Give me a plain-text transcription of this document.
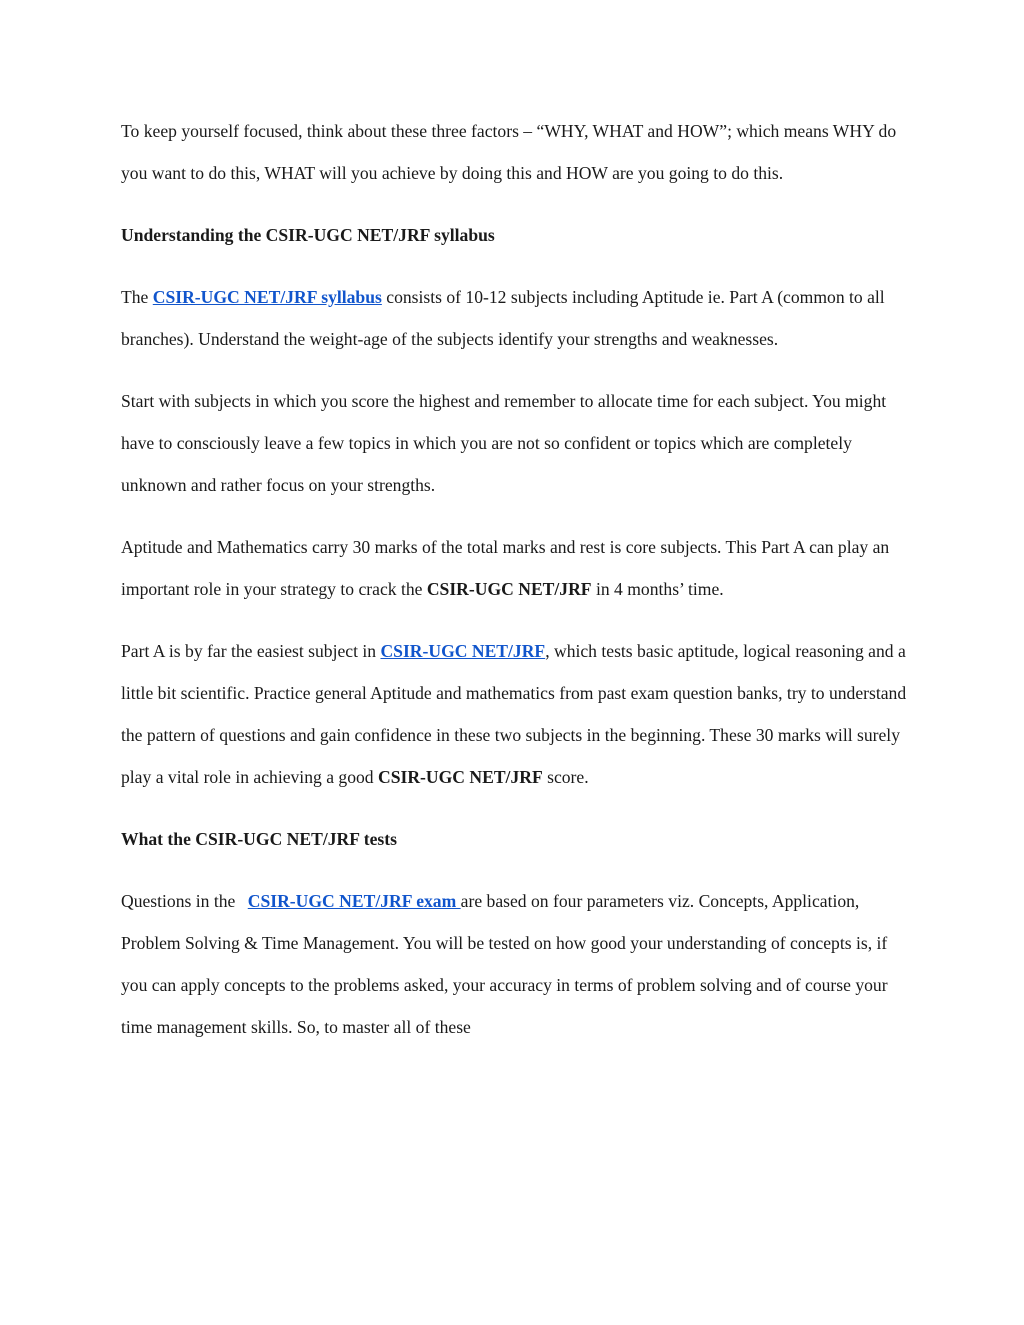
To keep yourself focused, think about these three factors – “WHY, WHAT and HOW”; which means WHY do you want to do this, WHAT will you achieve by doing this and HOW are you going to do this.

Understanding the CSIR-UGC NET/JRF syllabus

The CSIR-UGC NET/JRF syllabus consists of 10-12 subjects including Aptitude ie. Part A (common to all branches). Understand the weight-age of the subjects identify your strengths and weaknesses.

Start with subjects in which you score the highest and remember to allocate time for each subject. You might have to consciously leave a few topics in which you are not so confident or topics which are completely unknown and rather focus on your strengths.

Aptitude and Mathematics carry 30 marks of the total marks and rest is core subjects. This Part A can play an important role in your strategy to crack the CSIR-UGC NET/JRF in 4 months’ time.

Part A is by far the easiest subject in CSIR-UGC NET/JRF, which tests basic aptitude, logical reasoning and a little bit scientific. Practice general Aptitude and mathematics from past exam question banks, try to understand the pattern of questions and gain confidence in these two subjects in the beginning. These 30 marks will surely play a vital role in achieving a good CSIR-UGC NET/JRF score.

What the CSIR-UGC NET/JRF tests

Questions in the CSIR-UGC NET/JRF exam are based on four parameters viz. Concepts, Application, Problem Solving & Time Management. You will be tested on how good your understanding of concepts is, if you can apply concepts to the problems asked, your accuracy in terms of problem solving and of course your time management skills. So, to master all of these
